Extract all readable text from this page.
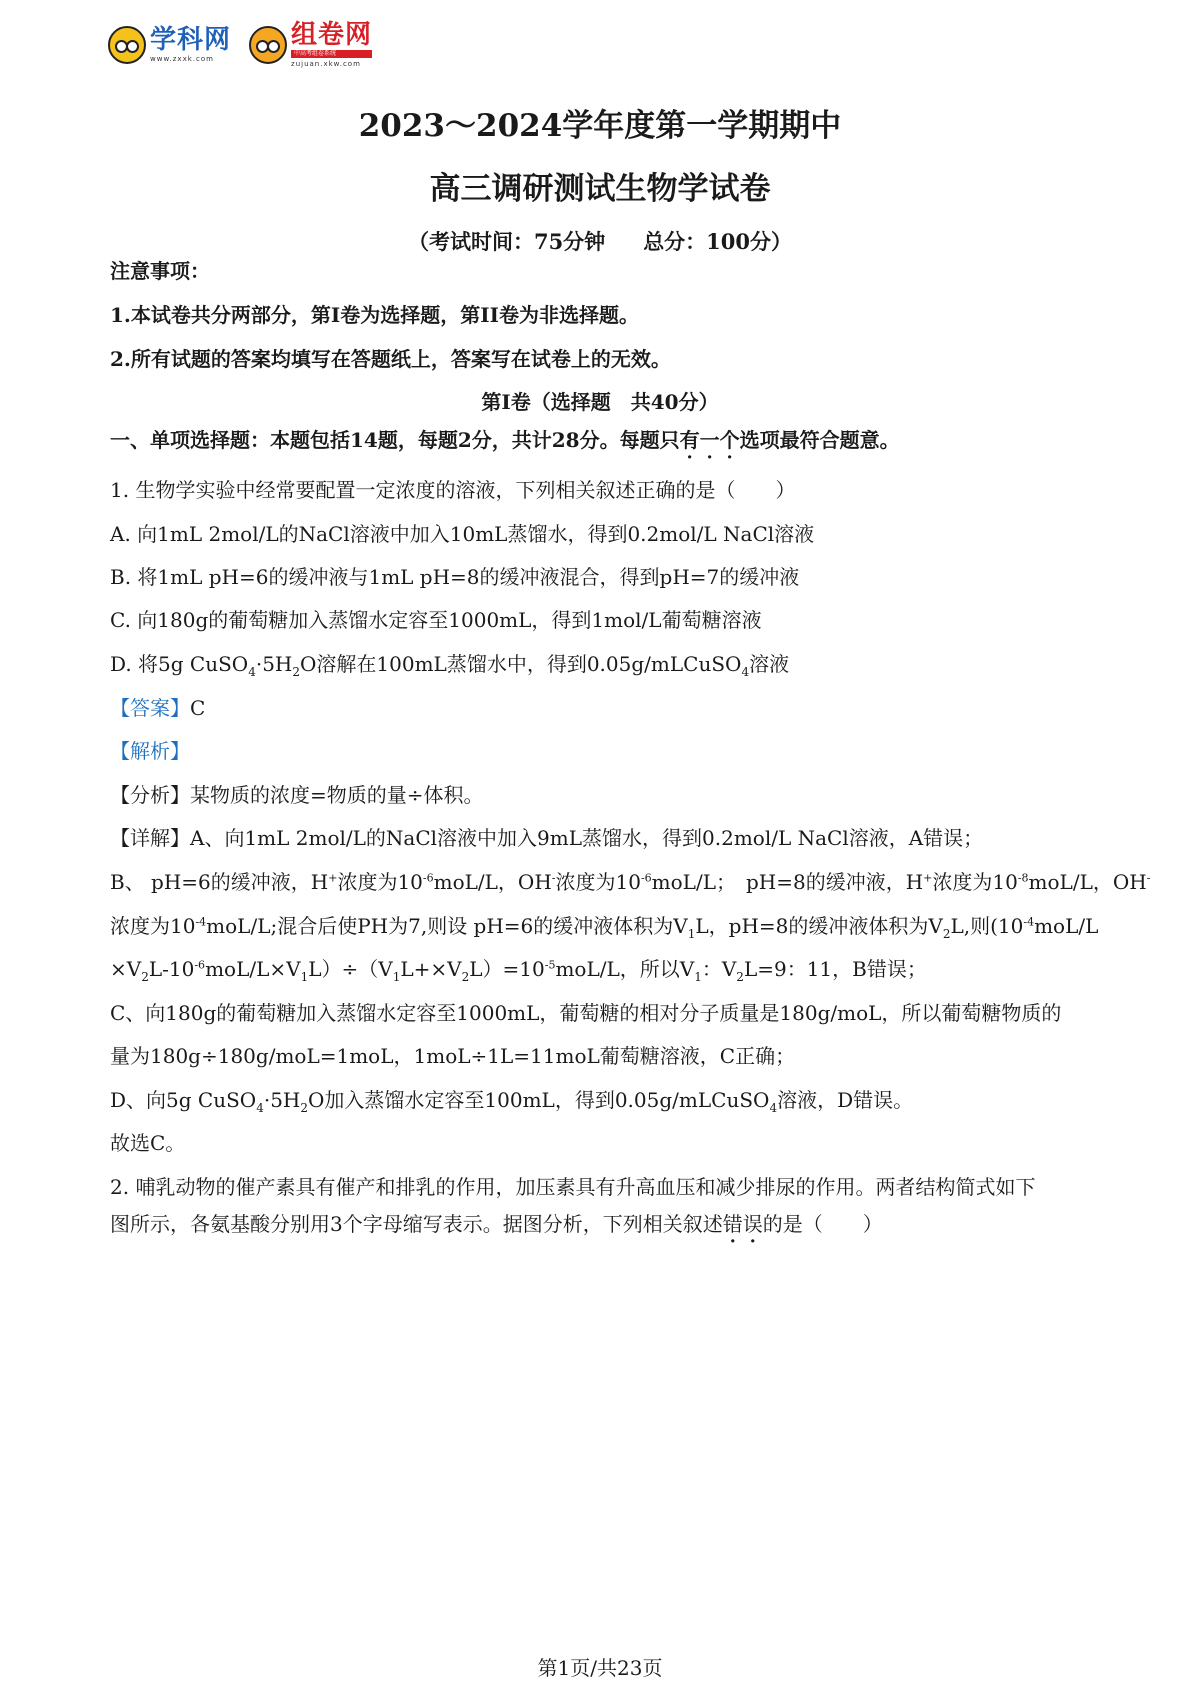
学科网
www.zxxk.com
组卷网
中高考组卷系统
zujuan.xkw.com
2023～2024学年度第一学期期中
高三调研测试生物学试卷
（考试时间：75分钟 总分：100分）
注意事项：
1.本试卷共分两部分，第I卷为选择题，第II卷为非选择题。
2.所有试题的答案均填写在答题纸上，答案写在试卷上的无效。
第I卷（选择题　共40分）
一、单项选择题：本题包括14题，每题2分，共计28分。每题只有一个选项最符合题意。
1. 生物学实验中经常要配置一定浓度的溶液，下列相关叙述正确的是（　　）
A. 向1mL 2mol/L的NaCl溶液中加入10mL蒸馏水，得到0.2mol/L NaCl溶液
B. 将1mL pH=6的缓冲液与1mL pH=8的缓冲液混合，得到pH=7的缓冲液
C. 向180g的葡萄糖加入蒸馏水定容至1000mL，得到1mol/L葡萄糖溶液
D. 将5g $CuSO_4\cdot 5H_2O$溶解在100mL蒸馏水中，得到0.05g/mLCuSO$_4$溶液
【答案】C
【解析】
【分析】某物质的浓度=物质的量÷体积。
【详解】A、向1mL 2mol/L的NaCl溶液中加入9mL蒸馏水，得到0.2mol/L NaCl溶液，A错误；
B、 pH=6的缓冲液，H+浓度为$10^{-6}moL/L$，OH-浓度为$10^{-6}moL/L$；　pH=8的缓冲液，H+浓度为$10^{-8}moL/L$，OH-
浓度为$10^{-4}moL/L$;混合后使PH为7,则设 pH=6的缓冲液体积为$V_1L$，pH=8的缓冲液体积为$V_2L$,则($10^{-4}moL/L$
$\times V_2L-10^{-6}moL/L\times V_1L)\div(V_1L+\times V_2L)=10^{-5}moL/L$，所以$V_1$：$V_2L=9$：11，B错误；
C、向180g的葡萄糖加入蒸馏水定容至1000mL，葡萄糖的相对分子质量是180g/moL，所以葡萄糖物质的
量为180g÷180g/moL=1moL，1moL÷1L=11moL葡萄糖溶液，C正确；
D、向5g $CuSO_4\cdot 5H_2O$加入蒸馏水定容至100mL，得到0.05g/mLCuSO$_4$溶液，D错误。
故选C。
2. 哺乳动物的催产素具有催产和排乳的作用，加压素具有升高血压和减少排尿的作用。两者结构简式如下
图所示，各氨基酸分别用3个字母缩写表示。据图分析，下列相关叙述错误的是（　　）
第1页/共23页
